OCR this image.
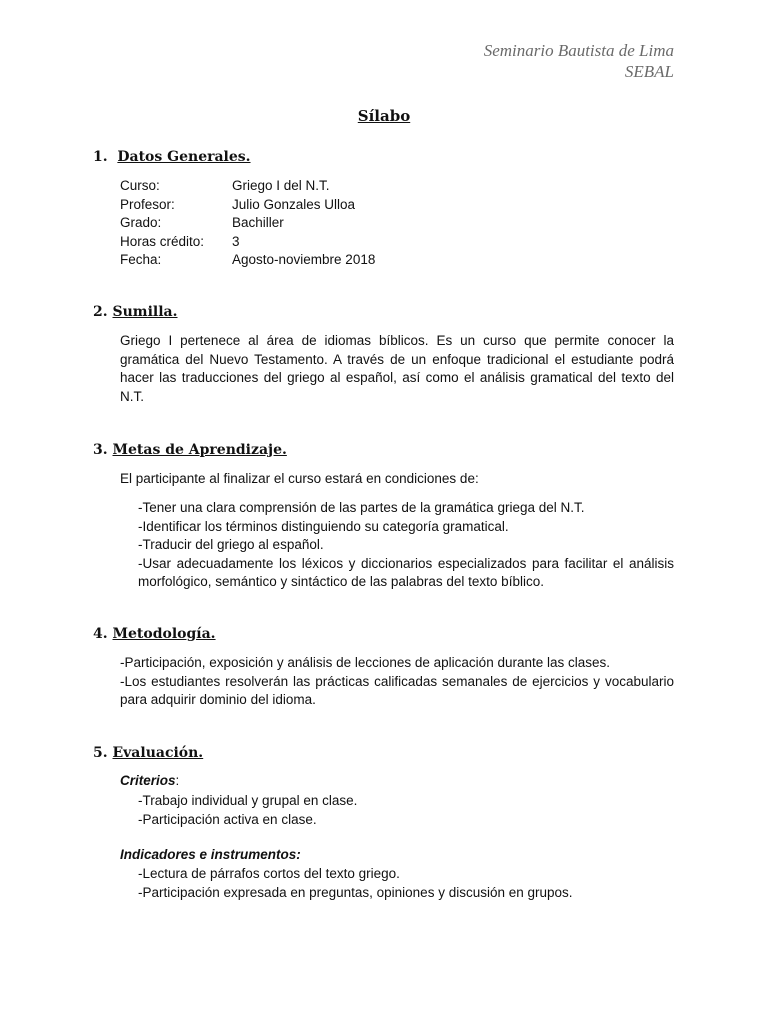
Seminario Bautista de Lima
SEBAL
Sílabo
1. Datos Generales.
Curso:	Griego I del N.T.
Profesor:	Julio Gonzales Ulloa
Grado:	Bachiller
Horas crédito:	3
Fecha:	Agosto-noviembre 2018
2. Sumilla.
Griego I pertenece al área de idiomas bíblicos. Es un curso que permite conocer la gramática del Nuevo Testamento. A través de un enfoque tradicional el estudiante podrá hacer las traducciones del griego al español, así como el análisis gramatical del texto del N.T.
3. Metas de Aprendizaje.
El participante al finalizar el curso estará en condiciones de:
-Tener una clara comprensión de las partes de la gramática griega del N.T.
-Identificar los términos distinguiendo su categoría gramatical.
-Traducir del griego al español.
-Usar adecuadamente los léxicos y diccionarios especializados para facilitar el análisis morfológico, semántico y sintáctico de las palabras del texto bíblico.
4. Metodología.
-Participación, exposición y análisis de lecciones de aplicación durante las clases.
-Los estudiantes resolverán las prácticas calificadas semanales de ejercicios y vocabulario para adquirir dominio del idioma.
5. Evaluación.
Criterios:
-Trabajo individual y grupal en clase.
-Participación activa en clase.
Indicadores e instrumentos:
-Lectura de párrafos cortos del texto griego.
-Participación expresada en preguntas, opiniones y discusión en grupos.
